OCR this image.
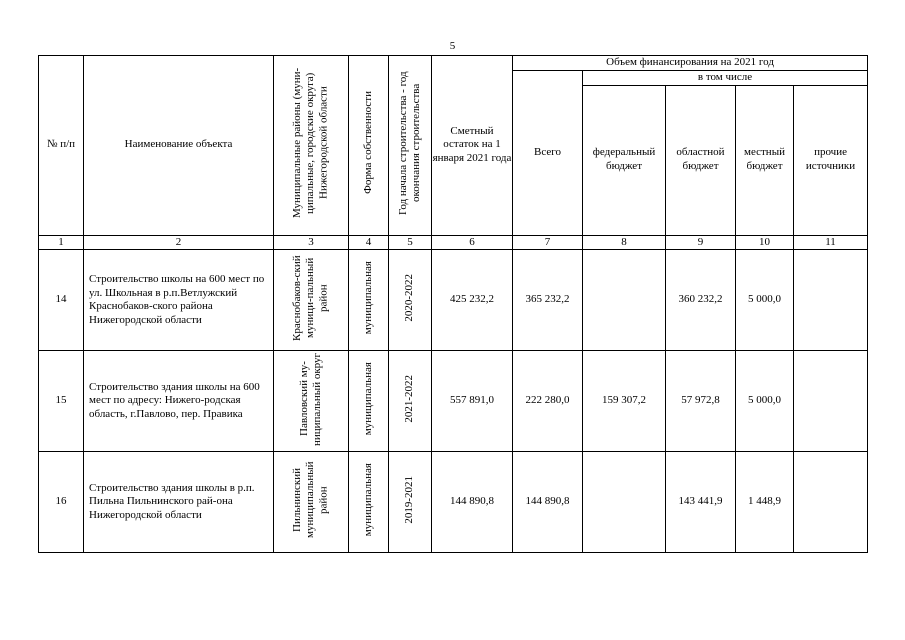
5
№ п/п	Наименование объекта	Муниципальные районы (муни-ципальные, городские округа) Нижегородской области	Форма собственности	Год начала строительства - год окончания строительства	Сметный остаток на 1 января 2021 года	Объем финансирования на 2021 год				
						Всего	в том числе			
							федеральный бюджет	областной бюджет	местный бюджет	прочие источники
1	2	3	4	5	6	7	8	9	10	11
14	Строительство школы на 600 мест по ул. Школьная в р.п.Ветлужский Краснобаков-ского района Нижегородской области	Краснобаков-ский муници-пальный район	муниципальная	2020-2022	425 232,2	365 232,2		360 232,2	5 000,0	
15	Строительство здания школы на 600 мест по адресу: Нижего-родская область, г.Павлово, пер. Правика	Павловский му-ниципальный округ	муниципальная	2021-2022	557 891,0	222 280,0	159 307,2	57 972,8	5 000,0	
16	Строительство здания школы в р.п. Пильна Пильнинского рай-она Нижегородской области	Пильнинский муниципальный район	муниципальная	2019-2021	144 890,8	144 890,8		143 441,9	1 448,9	
